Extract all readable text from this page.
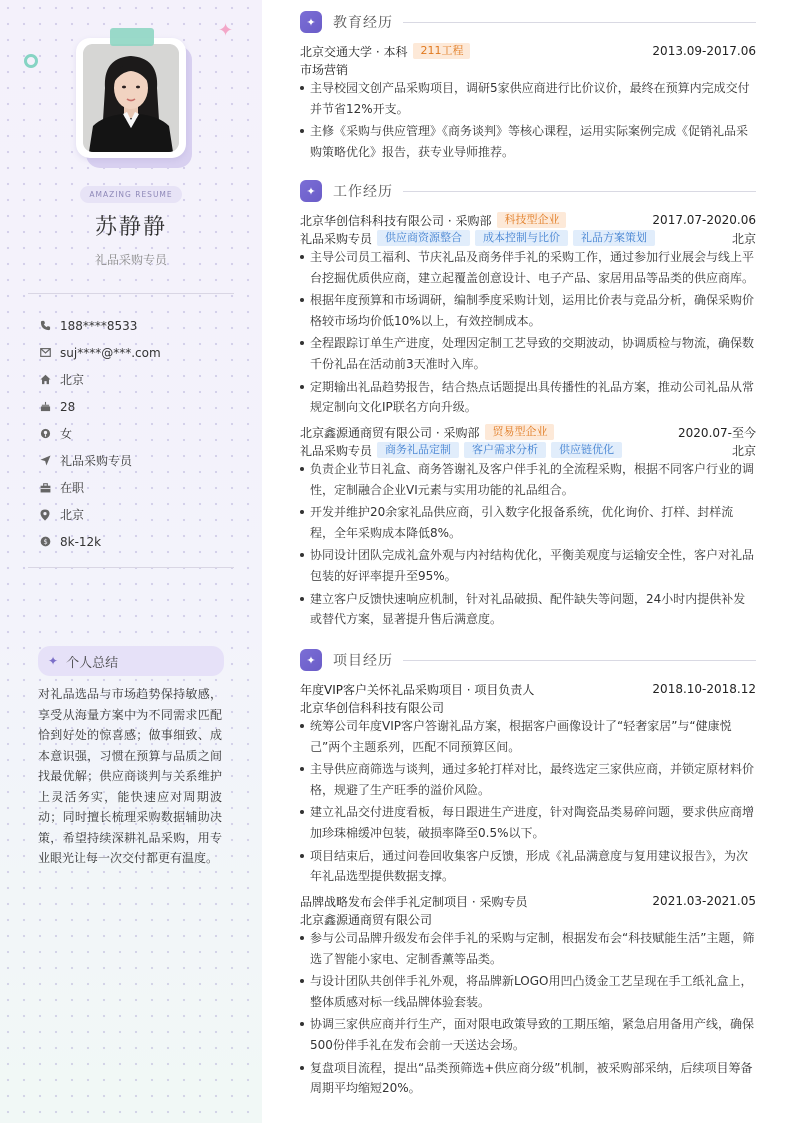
✦
AMAZING RESUME
苏静静
礼品采购专员
188****8533
suj****@***.com
北京
28
女
礼品采购专员
在职
北京
$ 8k-12k
✦ 个人总结

对礼品选品与市场趋势保持敏感，享受从海量方案中为不同需求匹配恰到好处的惊喜感；做事细致、成本意识强，习惯在预算与品质之间找最优解；供应商谈判与关系维护上灵活务实，能快速应对周期波动；同时擅长梳理采购数据辅助决策，希望持续深耕礼品采购，用专业眼光让每一次交付都更有温度。

✦	教育经历
北京交通大学 · 本科	211工程	2013.09-2017.06
市场营销
主导校园文创产品采购项目，调研5家供应商进行比价议价，最终在预算内完成交付并节省12%开支。
主修《采购与供应管理》《商务谈判》等核心课程，运用实际案例完成《促销礼品采购策略优化》报告，获专业导师推荐。
✦	工作经历
北京华创信科科技有限公司 · 采购部	科技型企业	2017.07-2020.06
礼品采购专员	供应商资源整合	成本控制与比价	礼品方案策划	北京
主导公司员工福利、节庆礼品及商务伴手礼的采购工作，通过参加行业展会与线上平台挖掘优质供应商，建立起覆盖创意设计、电子产品、家居用品等品类的供应商库。
根据年度预算和市场调研，编制季度采购计划，运用比价表与竞品分析，确保采购价格较市场均价低10%以上，有效控制成本。
全程跟踪订单生产进度，处理因定制工艺导致的交期波动，协调质检与物流，确保数千份礼品在活动前3天准时入库。
定期输出礼品趋势报告，结合热点话题提出具传播性的礼品方案，推动公司礼品从常规定制向文化IP联名方向升级。
北京鑫源通商贸有限公司 · 采购部	贸易型企业	2020.07-至今
礼品采购专员	商务礼品定制	客户需求分析	供应链优化	北京
负责企业节日礼盒、商务答谢礼及客户伴手礼的全流程采购，根据不同客户行业的调性，定制融合企业VI元素与实用功能的礼品组合。
开发并维护20余家礼品供应商，引入数字化报备系统，优化询价、打样、封样流程，全年采购成本降低8%。
协同设计团队完成礼盒外观与内衬结构优化，平衡美观度与运输安全性，客户对礼品包装的好评率提升至95%。
建立客户反馈快速响应机制，针对礼品破损、配件缺失等问题，24小时内提供补发或替代方案，显著提升售后满意度。
✦	项目经历
年度VIP客户关怀礼品采购项目 · 项目负责人	2018.10-2018.12
北京华创信科科技有限公司
统筹公司年度VIP客户答谢礼品方案，根据客户画像设计了“轻奢家居”与“健康悦己”两个主题系列，匹配不同预算区间。
主导供应商筛选与谈判，通过多轮打样对比，最终选定三家供应商，并锁定原材料价格，规避了生产旺季的溢价风险。
建立礼品交付进度看板，每日跟进生产进度，针对陶瓷品类易碎问题，要求供应商增加珍珠棉缓冲包装，破损率降至0.5%以下。
项目结束后，通过问卷回收集客户反馈，形成《礼品满意度与复用建议报告》，为次年礼品选型提供数据支撑。
品牌战略发布会伴手礼定制项目 · 采购专员	2021.03-2021.05
北京鑫源通商贸有限公司
参与公司品牌升级发布会伴手礼的采购与定制，根据发布会“科技赋能生活”主题，筛选了智能小家电、定制香薰等品类。
与设计团队共创伴手礼外观，将品牌新LOGO用凹凸烫金工艺呈现在手工纸礼盒上，整体质感对标一线品牌体验套装。
协调三家供应商并行生产，面对限电政策导致的工期压缩，紧急启用备用产线，确保500份伴手礼在发布会前一天送达会场。
复盘项目流程，提出“品类预筛选+供应商分级”机制，被采购部采纳，后续项目筹备周期平均缩短20%。
